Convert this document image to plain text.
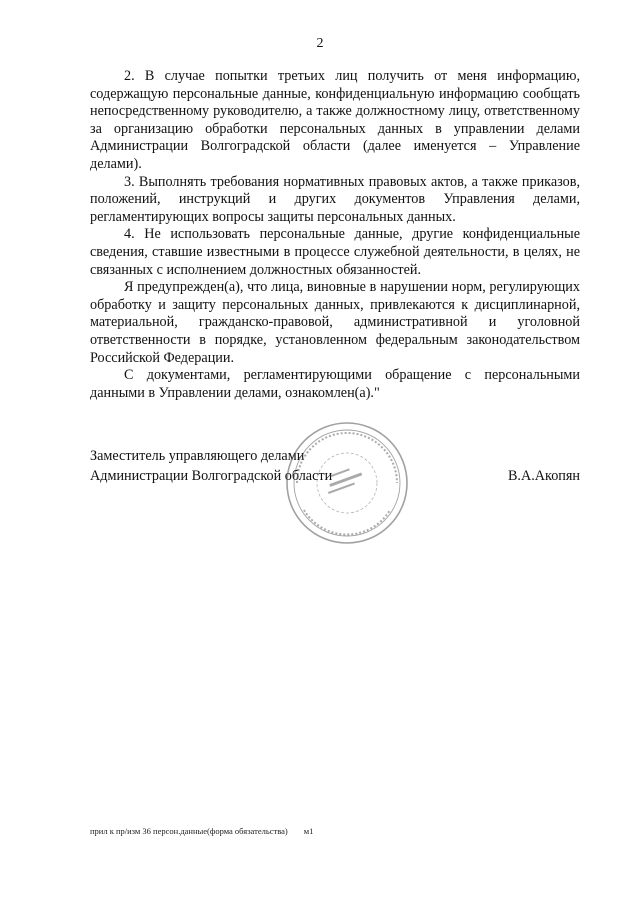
2

2. В случае попытки третьих лиц получить от меня информацию, содержащую персональные данные, конфиденциальную информацию сообщать непосредственному руководителю, а также должностному лицу, ответственному за организацию обработки персональных данных в управлении делами Администрации Волгоградской области (далее именуется – Управление делами).

3. Выполнять требования нормативных правовых актов, а также приказов, положений, инструкций и других документов Управления делами, регламентирующих вопросы защиты персональных данных.

4. Не использовать персональные данные, другие конфиденциальные сведения, ставшие известными в процессе служебной деятельности, в целях, не связанных с исполнением должностных обязанностей.

Я предупрежден(а), что лица, виновные в нарушении норм, регулирующих обработку и защиту персональных данных, привлекаются к дисциплинарной, материальной, гражданско-правовой, административной и уголовной ответственности в порядке, установленном федеральным законодательством Российской Федерации.

С документами, регламентирующими обращение с персональными данными в Управлении делами, ознакомлен(а)."

Заместитель управляющего делами
Администрации Волгоградской области	В.А.Акопян
прил к пр/изм 36 персон.данные(форма обязательства) м1
